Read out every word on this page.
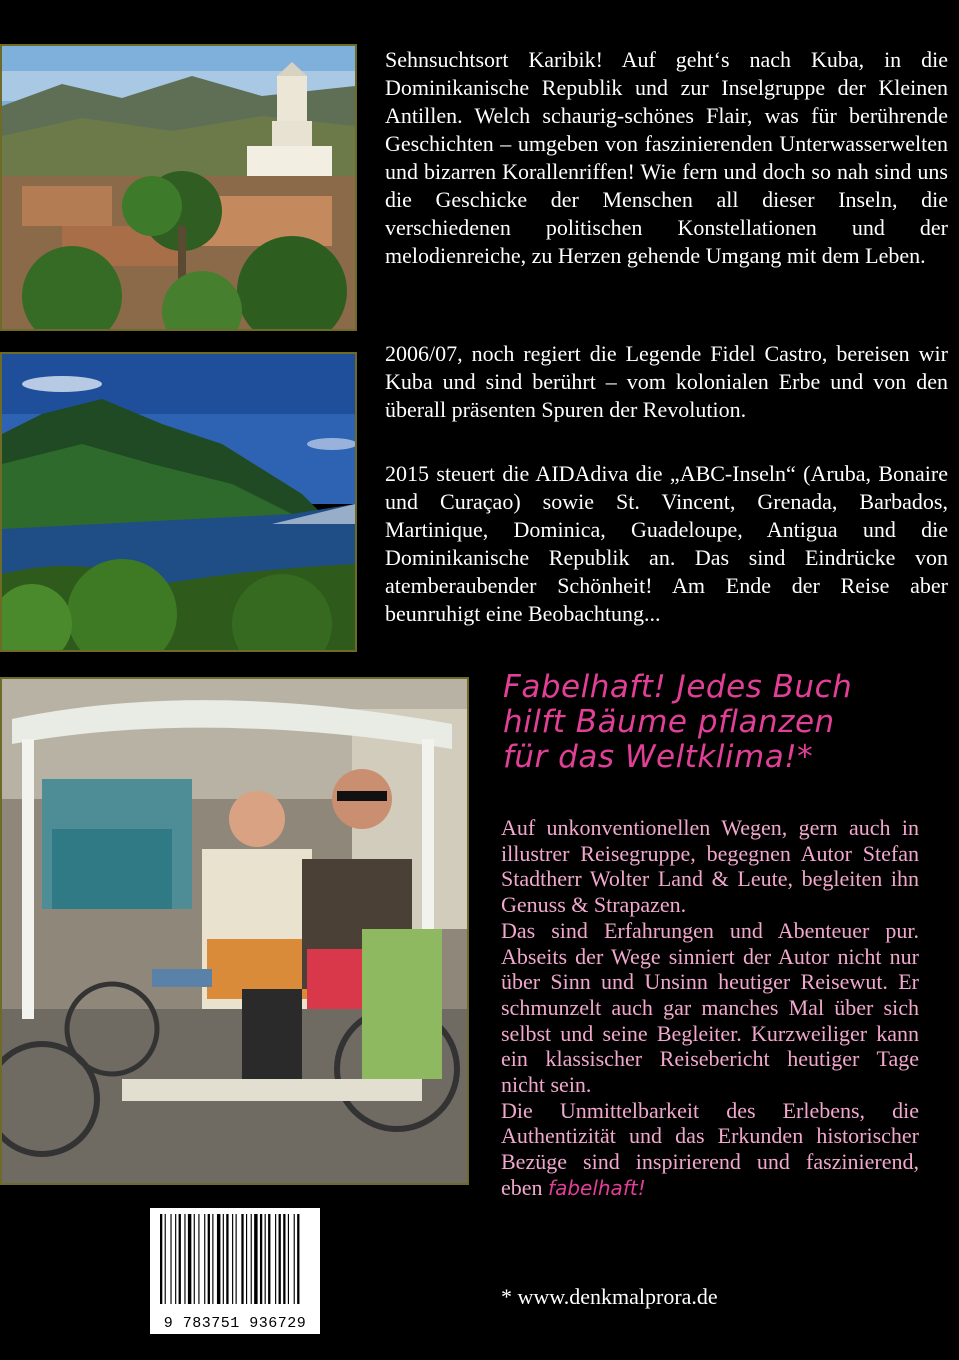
Sehnsuchtsort Karibik! Auf geht‘s nach Kuba, in die Dominikanische Republik und zur Inselgruppe der Kleinen Antillen. Welch schaurig-schönes Flair, was für berührende Geschichten – umgeben von faszinierenden Unterwasserwelten und bizarren Korallenriffen! Wie fern und doch so nah sind uns die Geschicke der Menschen all dieser Inseln, die verschiedenen politischen Konstellationen und der melodienreiche, zu Herzen gehende Umgang mit dem Leben.

2006/07, noch regiert die Legende Fidel Castro, bereisen wir Kuba und sind berührt – vom kolonialen Erbe und von den überall präsenten Spuren der Revolution.

2015 steuert die AIDAdiva die „ABC-Inseln“ (Aruba, Bonaire und Curaçao) sowie St. Vincent, Grenada, Barbados, Martinique, Dominica, Guadeloupe, Antigua und die Dominikanische Republik an. Das sind Eindrücke von atemberaubender Schönheit! Am Ende der Reise aber beunruhigt eine Beobachtung...

Fabelhaft! Jedes Buch
hilft Bäume pflanzen
für das Weltklima!*

Auf unkonventionellen Wegen, gern auch in illustrer Reisegruppe, begegnen Autor Stefan Stadtherr Wolter Land & Leute, begleiten ihn Genuss & Strapazen.

Das sind Erfahrungen und Abenteuer pur. Abseits der Wege sinniert der Autor nicht nur über Sinn und Unsinn heutiger Reisewut. Er schmunzelt auch gar manches Mal über sich selbst und seine Begleiter. Kurzweiliger kann ein klassischer Reisebericht heutiger Tage nicht sein.

Die Unmittelbarkeit des Erlebens, die Authentizität und das Erkunden historischer Bezüge sind inspirierend und faszinierend, eben fabelhaft!

* www.denkmalprora.de
9 783751 936729
